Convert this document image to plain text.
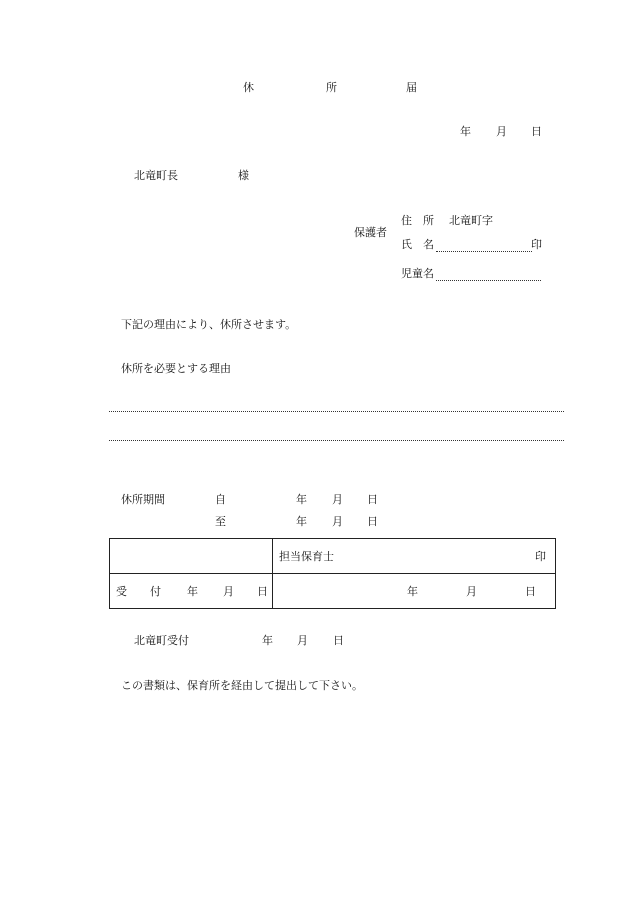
休	所	届
年 月 日
北竜町長	様
保護者
住　所 北竜町字
氏　名	印
児童名
下記の理由により、休所させます。
休所を必要とする理由
休所期間	自	年 月 日
至	年 月 日

	担当保育士 印

受 付 年 月 日	年 月 日
北竜町受付	年 月 日
この書類は、保育所を経由して提出して下さい。
